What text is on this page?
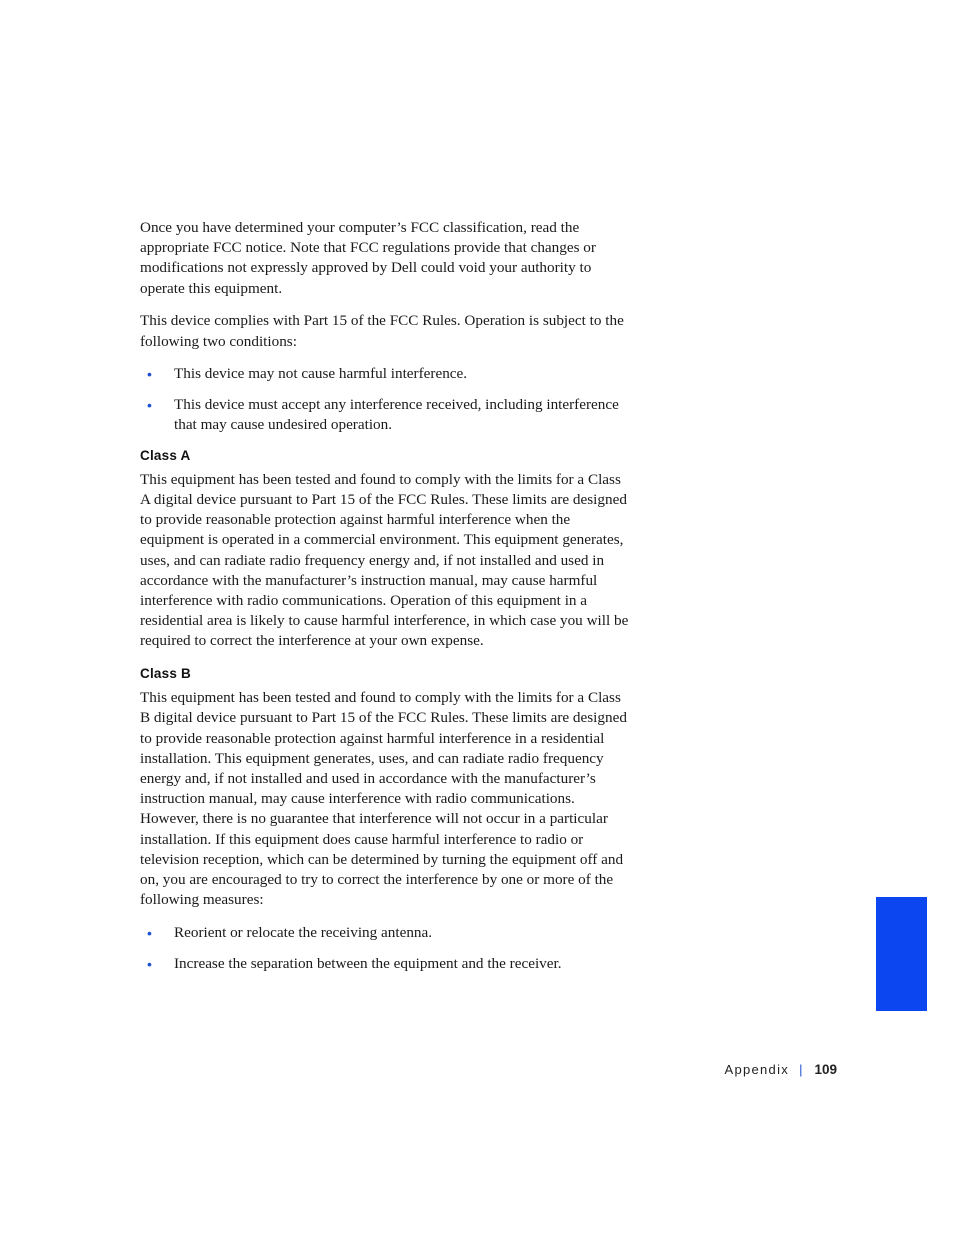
Once you have determined your computer’s FCC classification, read the appropriate FCC notice. Note that FCC regulations provide that changes or modifications not expressly approved by Dell could void your authority to operate this equipment.

This device complies with Part 15 of the FCC Rules. Operation is subject to the following two conditions:

• This device may not cause harmful interference.
• This device must accept any interference received, including interference that may cause undesired operation.
Class A

This equipment has been tested and found to comply with the limits for a Class A digital device pursuant to Part 15 of the FCC Rules. These limits are designed to provide reasonable protection against harmful interference when the equipment is operated in a commercial environment. This equipment generates, uses, and can radiate radio frequency energy and, if not installed and used in accordance with the manufacturer’s instruction manual, may cause harmful interference with radio communications. Operation of this equipment in a residential area is likely to cause harmful interference, in which case you will be required to correct the interference at your own expense.

Class B

This equipment has been tested and found to comply with the limits for a Class B digital device pursuant to Part 15 of the FCC Rules. These limits are designed to provide reasonable protection against harmful interference in a residential installation. This equipment generates, uses, and can radiate radio frequency energy and, if not installed and used in accordance with the manufacturer’s instruction manual, may cause interference with radio communications. However, there is no guarantee that interference will not occur in a particular installation. If this equipment does cause harmful interference to radio or television reception, which can be determined by turning the equipment off and on, you are encouraged to try to correct the interference by one or more of the following measures:

• Reorient or relocate the receiving antenna.
• Increase the separation between the equipment and the receiver.
Appendix | 109
